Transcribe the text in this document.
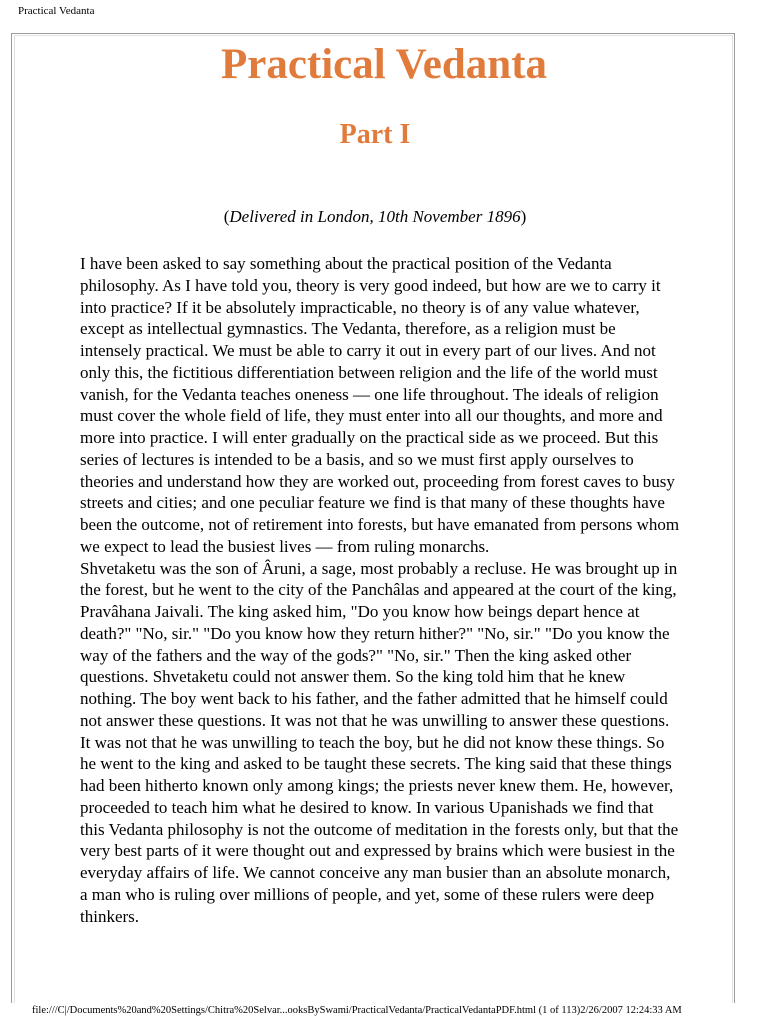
Practical Vedanta
Practical Vedanta
Part I

(Delivered in London, 10th November 1896)

I have been asked to say something about the practical position of the Vedanta philosophy. As I have told you, theory is very good indeed, but how are we to carry it into practice? If it be absolutely impracticable, no theory is of any value whatever, except as intellectual gymnastics. The Vedanta, therefore, as a religion must be intensely practical. We must be able to carry it out in every part of our lives. And not only this, the fictitious differentiation between religion and the life of the world must vanish, for the Vedanta teaches oneness — one life throughout. The ideals of religion must cover the whole field of life, they must enter into all our thoughts, and more and more into practice. I will enter gradually on the practical side as we proceed. But this series of lectures is intended to be a basis, and so we must first apply ourselves to theories and understand how they are worked out, proceeding from forest caves to busy streets and cities; and one peculiar feature we find is that many of these thoughts have been the outcome, not of retirement into forests, but have emanated from persons whom we expect to lead the busiest lives — from ruling monarchs.

Shvetaketu was the son of Âruni, a sage, most probably a recluse. He was brought up in the forest, but he went to the city of the Panchâlas and appeared at the court of the king, Pravâhana Jaivali. The king asked him, "Do you know how beings depart hence at death?" "No, sir." "Do you know how they return hither?" "No, sir." "Do you know the way of the fathers and the way of the gods?" "No, sir." Then the king asked other questions. Shvetaketu could not answer them. So the king told him that he knew nothing. The boy went back to his father, and the father admitted that he himself could not answer these questions. It was not that he was unwilling to answer these questions. It was not that he was unwilling to teach the boy, but he did not know these things. So he went to the king and asked to be taught these secrets. The king said that these things had been hitherto known only among kings; the priests never knew them. He, however, proceeded to teach him what he desired to know. In various Upanishads we find that this Vedanta philosophy is not the outcome of meditation in the forests only, but that the very best parts of it were thought out and expressed by brains which were busiest in the everyday affairs of life. We cannot conceive any man busier than an absolute monarch, a man who is ruling over millions of people, and yet, some of these rulers were deep thinkers.

file:///C|/Documents%20and%20Settings/Chitra%20Selvar...ooksBySwami/PracticalVedanta/PracticalVedantaPDF.html (1 of 113)2/26/2007 12:24:33 AM
